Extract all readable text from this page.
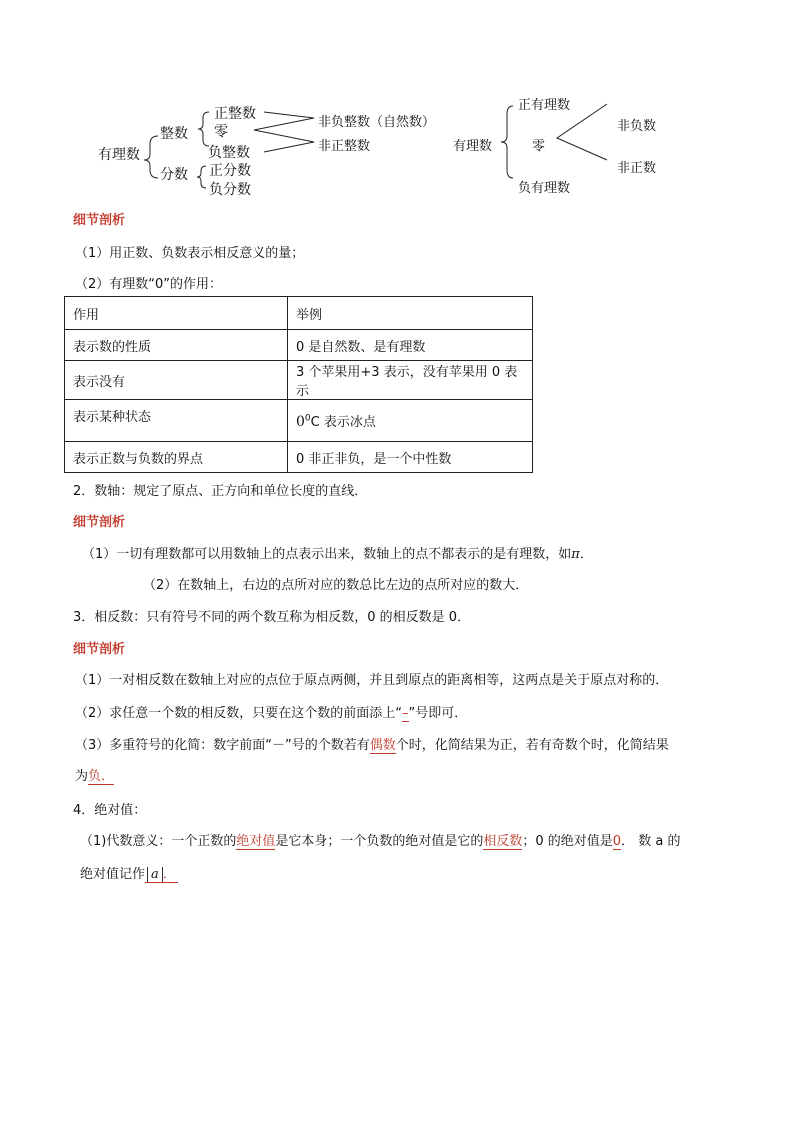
有理数
整数
分数
正整数
零
负整数
正分数
负分数
非负整数（自然数）
非正整数	有理数
正有理数
零
负有理数
非负数
非正数
细节剖析
（1）用正数、负数表示相反意义的量；
（2）有理数“0”的作用：
作用	举例
表示数的性质	0 是自然数、是有理数
表示没有	3 个苹果用+3 表示，没有苹果用 0 表示
表示某种状态	$0^0C$ 表示冰点
表示正数与负数的界点	0 非正非负，是一个中性数
2．数轴：规定了原点、正方向和单位长度的直线．
细节剖析
（1）一切有理数都可以用数轴上的点表示出来，数轴上的点不都表示的是有理数，如π．
（2）在数轴上，右边的点所对应的数总比左边的点所对应的数大．
3．相反数：只有符号不同的两个数互称为相反数，0 的相反数是 0．
细节剖析
（1）一对相反数在数轴上对应的点位于原点两侧，并且到原点的距离相等，这两点是关于原点对称的．
（2）求任意一个数的相反数，只要在这个数的前面添上“–”号即可．
（3）多重符号的化简：数字前面“－”号的个数若有偶数个时，化简结果为正，若有奇数个时，化简结果
为负．
4．绝对值：
（1)代数意义：一个正数的绝对值是它本身；一个负数的绝对值是它的相反数；0 的绝对值是0． 数 a 的
绝对值记作 a ．
